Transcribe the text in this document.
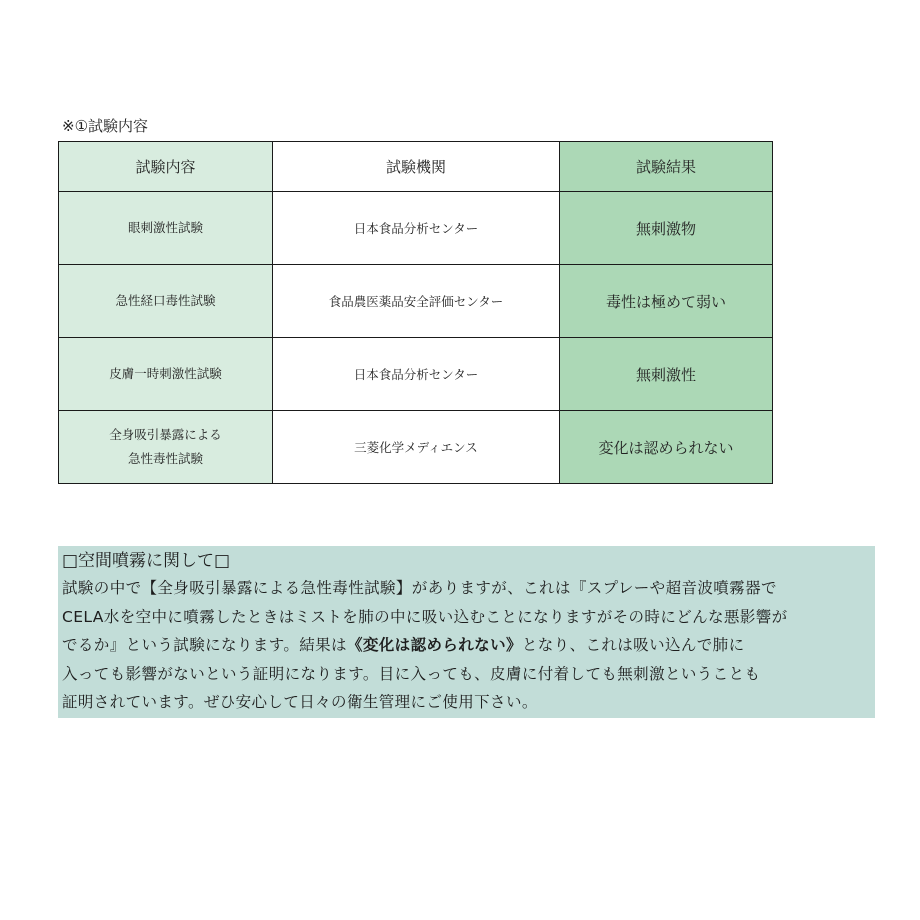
※①試験内容
試験内容	試験機関	試験結果
眼刺激性試験	日本食品分析センター	無刺激物
急性経口毒性試験	食品農医薬品安全評価センター	毒性は極めて弱い
皮膚一時刺激性試験	日本食品分析センター	無刺激性
全身吸引暴露による
急性毒性試験	三菱化学メディエンス	変化は認められない
□空間噴霧に関して□
試験の中で【全身吸引暴露による急性毒性試験】がありますが、これは『スプレーや超音波噴霧器で
CELA水を空中に噴霧したときはミストを肺の中に吸い込むことになりますがその時にどんな悪影響が
でるか』という試験になります。結果は《変化は認められない》となり、これは吸い込んで肺に
入っても影響がないという証明になります。目に入っても、皮膚に付着しても無刺激ということも
証明されています。ぜひ安心して日々の衛生管理にご使用下さい。
